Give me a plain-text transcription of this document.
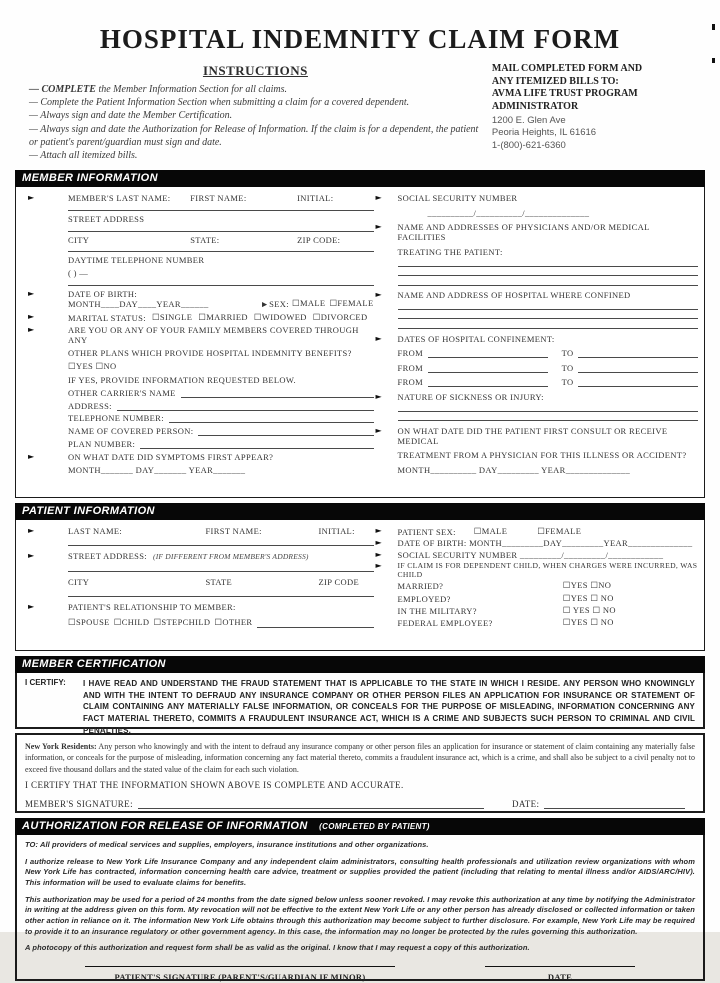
HOSPITAL INDEMNITY CLAIM FORM
INSTRUCTIONS
— COMPLETE the Member Information Section for all claims.
— Complete the Patient Information Section when submitting a claim for a covered dependent.
— Always sign and date the Member Certification.
— Always sign and date the Authorization for Release of Information. If the claim is for a dependent, the patient or patient's parent/guardian must sign and date.
— Attach all itemized bills.
MAIL COMPLETED FORM AND
ANY ITEMIZED BILLS TO:
AVMA LIFE TRUST PROGRAM
ADMINISTRATOR
1200 E. Glen Ave
Peoria Heights, IL 61616
1-(800)-621-6360
MEMBER INFORMATION
►	MEMBER'S LAST NAME:	FIRST NAME:	INITIAL:
STREET ADDRESS
CITY	STATE:	ZIP CODE:
DAYTIME TELEPHONE NUMBER
( ) —
►	DATE OF BIRTH: MONTH____DAY____YEAR______	►SEX: ☐MALE ☐FEMALE
►	MARITAL STATUS: ☐SINGLE ☐MARRIED ☐WIDOWED ☐DIVORCED
►	ARE YOU OR ANY OF YOUR FAMILY MEMBERS COVERED THROUGH ANY
OTHER PLANS WHICH PROVIDE HOSPITAL INDEMNITY BENEFITS?
☐YES ☐NO
IF YES, PROVIDE INFORMATION REQUESTED BELOW.
OTHER CARRIER'S NAME
ADDRESS:
TELEPHONE NUMBER:
NAME OF COVERED PERSON:
PLAN NUMBER:
►	ON WHAT DATE DID SYMPTOMS FIRST APPEAR?
MONTH_______ DAY_______ YEAR_______
► SOCIAL SECURITY NUMBER
__________/__________/______________
► NAME AND ADDRESSES OF PHYSICIANS AND/OR MEDICAL FACILITIES
TREATING THE PATIENT:
► NAME AND ADDRESS OF HOSPITAL WHERE CONFINED
► DATES OF HOSPITAL CONFINEMENT:
FROM	TO
FROM	TO
FROM	TO
► NATURE OF SICKNESS OR INJURY:
► ON WHAT DATE DID THE PATIENT FIRST CONSULT OR RECEIVE MEDICAL
TREATMENT FROM A PHYSICIAN FOR THIS ILLNESS OR ACCIDENT?
MONTH__________ DAY_________ YEAR______________
PATIENT INFORMATION
►	LAST NAME:	FIRST NAME:	INITIAL:
►	STREET ADDRESS: (IF DIFFERENT FROM MEMBER'S ADDRESS)
CITY	STATE	ZIP CODE
►	PATIENT'S RELATIONSHIP TO MEMBER:
☐SPOUSE ☐CHILD ☐STEPCHILD ☐OTHER
► PATIENT SEX: ☐MALE	☐FEMALE
► DATE OF BIRTH: MONTH_________DAY_________YEAR______________
► SOCIAL SECURITY NUMBER _________/_________/____________
► IF CLAIM IS FOR DEPENDENT CHILD, WHEN CHARGES WERE INCURRED, WAS CHILD
MARRIED?	☐YES ☐NO
EMPLOYED?	☐YES ☐ NO
IN THE MILITARY?	☐ YES ☐ NO
FEDERAL EMPLOYEE?	☐YES ☐ NO
MEMBER CERTIFICATION
I CERTIFY:	I HAVE READ AND UNDERSTAND THE FRAUD STATEMENT THAT IS APPLICABLE TO THE STATE IN WHICH I RESIDE. ANY PERSON WHO KNOWINGLY AND WITH THE INTENT TO DEFRAUD ANY INSURANCE COMPANY OR OTHER PERSON FILES AN APPLICATION FOR INSURANCE OR STATEMENT OF CLAIM CONTAINING ANY MATERIALLY FALSE INFORMATION, OR CONCEALS FOR THE PURPOSE OF MISLEADING, INFORMATION CONCERNING ANY FACT MATERIAL THERETO, COMMITS A FRAUDULENT INSURANCE ACT, WHICH IS A CRIME AND SUBJECTS SUCH PERSON TO CRIMINAL AND CIVIL PENALTIES.
New York Residents: Any person who knowingly and with the intent to defraud any insurance company or other person files an application for insurance or statement of claim containing any materially false information, or conceals for the purpose of misleading, information concerning any fact material thereto, commits a fraudulent insurance act, which is a crime, and shall also be subject to a civil penalty not to exceed five thousand dollars and the stated value of the claim for each such violation.
I CERTIFY THAT THE INFORMATION SHOWN ABOVE IS COMPLETE AND ACCURATE.
MEMBER'S SIGNATURE:	DATE:
AUTHORIZATION FOR RELEASE OF INFORMATION (COMPLETED BY PATIENT)
TO: All providers of medical services and supplies, employers, insurance institutions and other organizations.
I authorize release to New York Life Insurance Company and any independent claim administrators, consulting health professionals and utilization review organizations with whom New York Life has contracted, information concerning health care advice, treatment or supplies provided the patient (including that relating to mental illness and/or AIDS/ARC/HIV). This information will be used to evaluate claims for benefits.
This authorization may be used for a period of 24 months from the date signed below unless sooner revoked. I may revoke this authorization at any time by notifying the Administrator in writing at the address given on this form. My revocation will not be effective to the extent New York Life or any other person has already disclosed or collected information or taken other action in reliance on it. The information New York Life obtains through this authorization may become subject to further disclosure. For example, New York Life may be required to provide it to an insurance regulatory or other government agency. In this case, the information may no longer be protected by the rules governing this authorization.
A photocopy of this authorization and request form shall be as valid as the original. I know that I may request a copy of this authorization.
PATIENT'S SIGNATURE (PARENT'S/GUARDIAN IF MINOR)	DATE
